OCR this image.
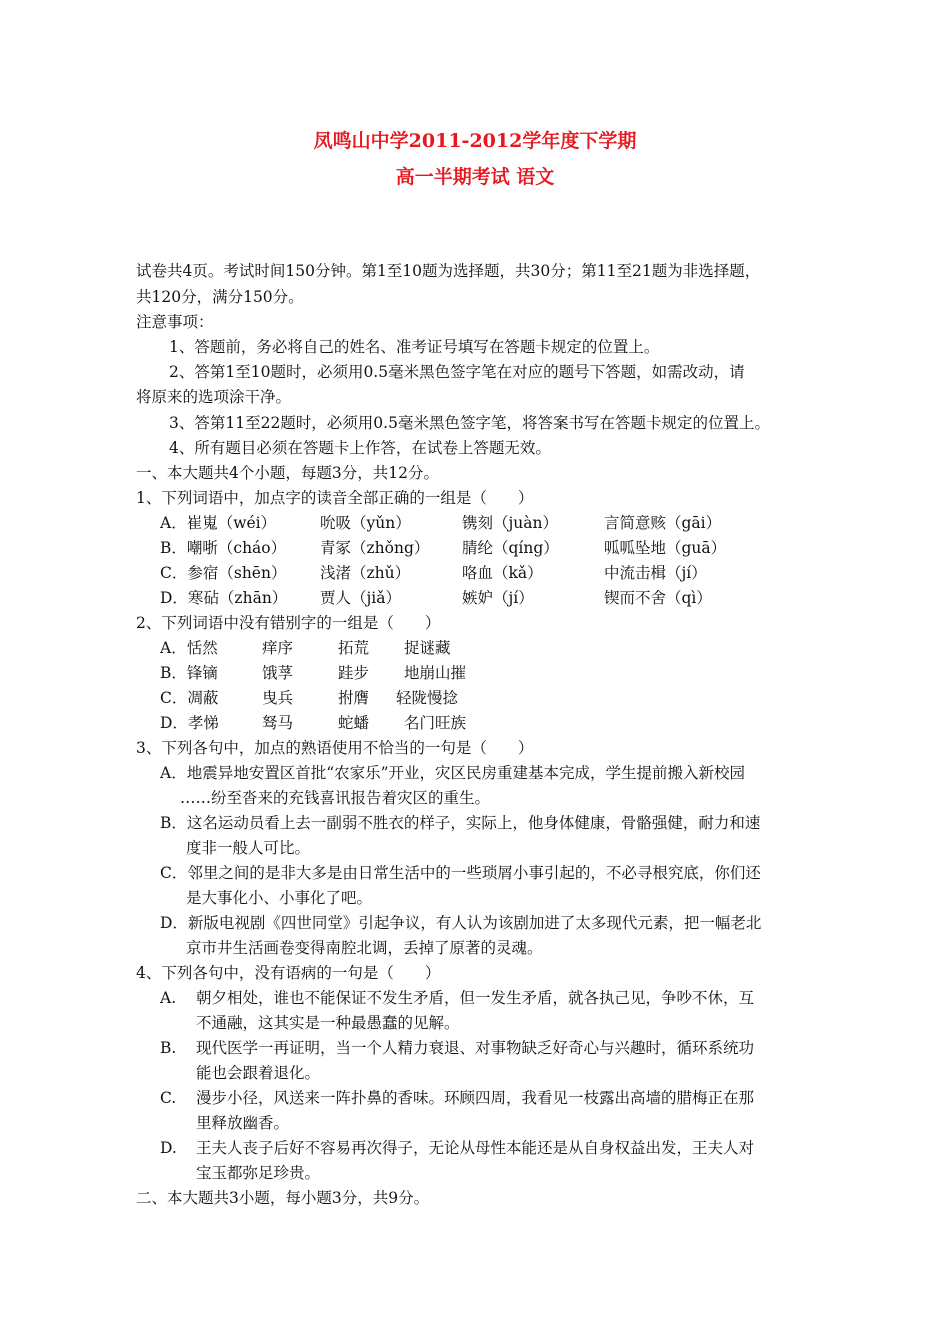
凤鸣山中学2011-2012学年度下学期
高一半期考试 语文
试卷共4页。考试时间150分钟。第1至10题为选择题，共30分；第11至21题为非选择题，
共120分，满分150分。
注意事项：
1、答题前，务必将自己的姓名、准考证号填写在答题卡规定的位置上。
2、答第1至10题时，必须用0.5毫米黑色签字笔在对应的题号下答题，如需改动，请
将原来的选项涂干净。
3、答第11至22题时，必须用0.5毫米黑色签字笔，将答案书写在答题卡规定的位置上。
4、所有题目必须在答题卡上作答，在试卷上答题无效。
一、本大题共4个小题，每题3分，共12分。
1、下列词语中，加点字的读音全部正确的一组是（　　）
A．崔嵬（wéi）	吮吸（yǔn）	镌刻（juàn）	言简意赅（gāi）
B．嘲哳（cháo） 青冢（zhǒng） 腈纶（qíng）	呱呱坠地（guā）
C．参宿（shēn） 浅渚（zhǔ）	咯血（kǎ）	中流击楫（jí）
D．寒砧（zhān） 贾人（jiǎ）	嫉妒（jí）	锲而不舍（qì）
2、下列词语中没有错别字的一组是（　　）
A．恬然	痒序	拓荒 捉谜藏
B．锋镝	饿莩	跬步 地崩山摧
C．凋蔽	曳兵	拊膺 轻陇慢捻
D．孝悌	驽马	蛇蟠 名门旺族
3、下列各句中，加点的熟语使用不恰当的一句是（　　）
A．地震异地安置区首批“农家乐”开业，灾区民房重建基本完成，学生提前搬入新校园
……纷至沓来的充钱喜讯报告着灾区的重生。
B．这名运动员看上去一副弱不胜衣的样子，实际上，他身体健康，骨骼强健，耐力和速
度非一般人可比。
C．邻里之间的是非大多是由日常生活中的一些琐屑小事引起的，不必寻根究底，你们还
是大事化小、小事化了吧。
D．新版电视剧《四世同堂》引起争议，有人认为该剧加进了太多现代元素，把一幅老北
京市井生活画卷变得南腔北调，丢掉了原著的灵魂。
4、下列各句中，没有语病的一句是（　　）
A. 朝夕相处，谁也不能保证不发生矛盾，但一发生矛盾，就各执己见，争吵不休，互
不通融，这其实是一种最愚蠢的见解。
B. 现代医学一再证明，当一个人精力衰退、对事物缺乏好奇心与兴趣时，循环系统功
能也会跟着退化。
C. 漫步小径，风送来一阵扑鼻的香味。环顾四周，我看见一枝露出高墙的腊梅正在那
里释放幽香。
D. 王夫人丧子后好不容易再次得子，无论从母性本能还是从自身权益出发，王夫人对
宝玉都弥足珍贵。
二、本大题共3小题，每小题3分，共9分。
